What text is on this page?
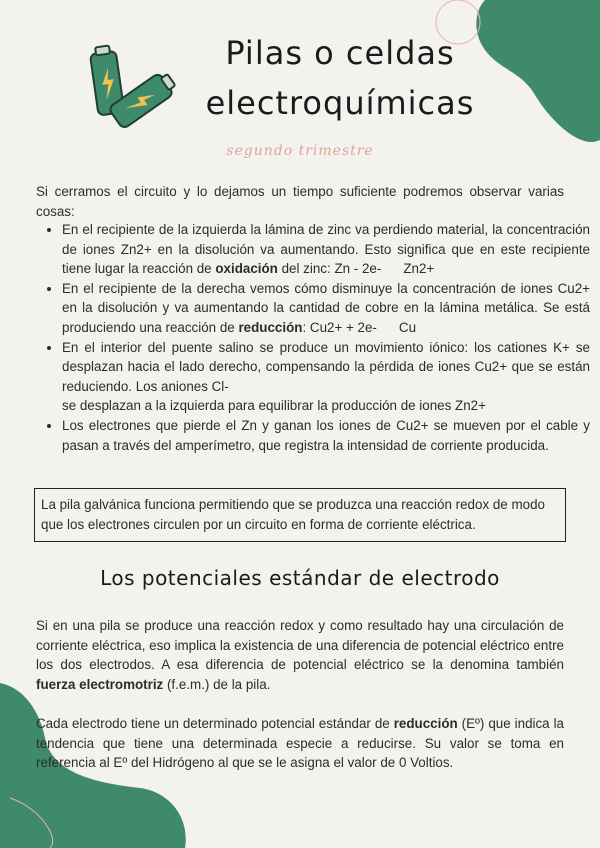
Pilas o celdas
electroquímicas
segundo trimestre
Si cerramos el circuito y lo dejamos un tiempo suficiente podremos observar varias cosas:
• En el recipiente de la izquierda la lámina de zinc va perdiendo material, la concentración de iones Zn2+ en la disolución va aumentando. Esto significa que en este recipiente tiene lugar la reacción de oxidación del zinc: Zn - 2e- Zn2+
• En el recipiente de la derecha vemos cómo disminuye la concentración de iones Cu2+ en la disolución y va aumentando la cantidad de cobre en la lámina metálica. Se está produciendo una reacción de reducción: Cu2+ + 2e- Cu
• En el interior del puente salino se produce un movimiento iónico: los cationes K+ se desplazan hacia el lado derecho, compensando la pérdida de iones Cu2+ que se están reduciendo. Los aniones Cl-
se desplazan a la izquierda para equilibrar la producción de iones Zn2+
• Los electrones que pierde el Zn y ganan los iones de Cu2+ se mueven por el cable y pasan a través del amperímetro, que registra la intensidad de corriente producida.
La pila galvánica funciona permitiendo que se produzca una reacción redox de modo que los electrones circulen por un circuito en forma de corriente eléctrica.
Los potenciales estándar de electrodo
Si en una pila se produce una reacción redox y como resultado hay una circulación de corriente eléctrica, eso implica la existencia de una diferencia de potencial eléctrico entre los dos electrodos. A esa diferencia de potencial eléctrico se la denomina también fuerza electromotriz (f.e.m.) de la pila.
Cada electrodo tiene un determinado potencial estándar de reducción (Eº) que indica la tendencia que tiene una determinada especie a reducirse. Su valor se toma en referencia al Eº del Hidrógeno al que se le asigna el valor de 0 Voltios.
